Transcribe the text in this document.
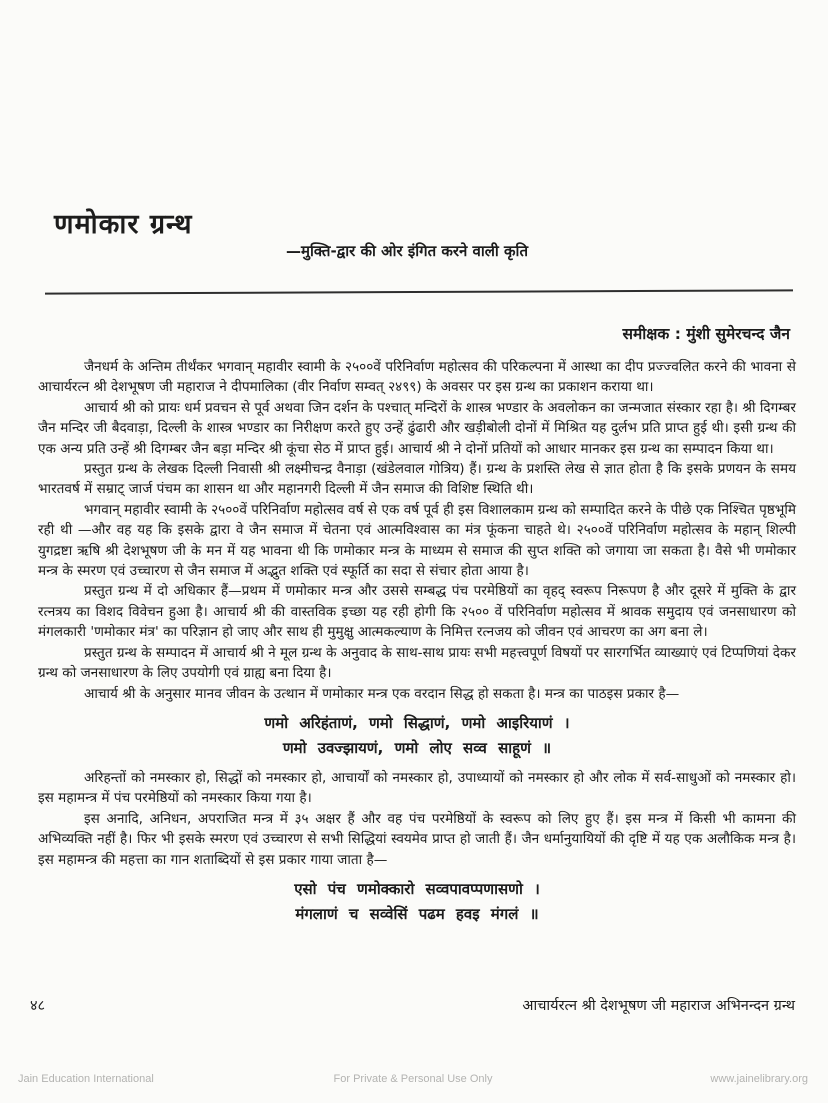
णमोकार ग्रन्थ
—मुक्ति-द्वार की ओर इंगित करने वाली कृति
समीक्षक : मुंशी सुमेरचन्द जैन

जैनधर्म के अन्तिम तीर्थंकर भगवान् महावीर स्वामी के २५००वें परिनिर्वाण महोत्सव की परिकल्पना में आस्था का दीप प्रज्ज्वलित करने की भावना से आचार्यरत्न श्री देशभूषण जी महाराज ने दीपमालिका (वीर निर्वाण सम्वत् २४९९) के अवसर पर इस ग्रन्थ का प्रकाशन कराया था।

आचार्य श्री को प्रायः धर्म प्रवचन से पूर्व अथवा जिन दर्शन के पश्चात् मन्दिरों के शास्त्र भण्डार के अवलोकन का जन्मजात संस्कार रहा है। श्री दिगम्बर जैन मन्दिर जी बैदवाड़ा, दिल्ली के शास्त्र भण्डार का निरीक्षण करते हुए उन्हें ढुंढारी और खड़ीबोली दोनों में मिश्रित यह दुर्लभ प्रति प्राप्त हुई थी। इसी ग्रन्थ की एक अन्य प्रति उन्हें श्री दिगम्बर जैन बड़ा मन्दिर श्री कूंचा सेठ में प्राप्त हुई। आचार्य श्री ने दोनों प्रतियों को आधार मानकर इस ग्रन्थ का सम्पादन किया था।

प्रस्तुत ग्रन्थ के लेखक दिल्ली निवासी श्री लक्ष्मीचन्द्र वैनाड़ा (खंडेलवाल गोत्रिय) हैं। ग्रन्थ के प्रशस्ति लेख से ज्ञात होता है कि इसके प्रणयन के समय भारतवर्ष में सम्राट् जार्ज पंचम का शासन था और महानगरी दिल्ली में जैन समाज की विशिष्ट स्थिति थी।

भगवान् महावीर स्वामी के २५००वें परिनिर्वाण महोत्सव वर्ष से एक वर्ष पूर्व ही इस विशालकाम ग्रन्थ को सम्पादित करने के पीछे एक निश्चित पृष्ठभूमि रही थी —और वह यह कि इसके द्वारा वे जैन समाज में चेतना एवं आत्मविश्वास का मंत्र फूंकना चाहते थे। २५००वें परिनिर्वाण महोत्सव के महान् शिल्पी युगद्रष्टा ऋषि श्री देशभूषण जी के मन में यह भावना थी कि णमोकार मन्त्र के माध्यम से समाज की सुप्त शक्ति को जगाया जा सकता है। वैसे भी णमोकार मन्त्र के स्मरण एवं उच्चारण से जैन समाज में अद्भुत शक्ति एवं स्फूर्ति का सदा से संचार होता आया है।

प्रस्तुत ग्रन्थ में दो अधिकार हैं—प्रथम में णमोकार मन्त्र और उससे सम्बद्ध पंच परमेष्ठियों का वृहद् स्वरूप निरूपण है और दूसरे में मुक्ति के द्वार रत्नत्रय का विशद विवेचन हुआ है। आचार्य श्री की वास्तविक इच्छा यह रही होगी कि २५०० वें परिनिर्वाण महोत्सव में श्रावक समुदाय एवं जनसाधारण को मंगलकारी 'णमोकार मंत्र' का परिज्ञान हो जाए और साथ ही मुमुक्षु आत्मकल्याण के निमित्त रत्नजय को जीवन एवं आचरण का अग बना ले।

प्रस्तुत ग्रन्थ के सम्पादन में आचार्य श्री ने मूल ग्रन्थ के अनुवाद के साथ-साथ प्रायः सभी महत्त्वपूर्ण विषयों पर सारगर्भित व्याख्याएं एवं टिप्पणियां देकर ग्रन्थ को जनसाधारण के लिए उपयोगी एवं ग्राह्य बना दिया है।

आचार्य श्री के अनुसार मानव जीवन के उत्थान में णमोकार मन्त्र एक वरदान सिद्ध हो सकता है। मन्त्र का पाठइस प्रकार है—

णमो अरिहंताणं, णमो सिद्धाणं, णमो आइरियाणं ।
णमो उवज्झायणं, णमो लोए सव्व साहूणं ॥

अरिहन्तों को नमस्कार हो, सिद्धों को नमस्कार हो, आचार्यों को नमस्कार हो, उपाध्यायों को नमस्कार हो और लोक में सर्व-साधुओं को नमस्कार हो। इस महामन्त्र में पंच परमेष्ठियों को नमस्कार किया गया है।

इस अनादि, अनिधन, अपराजित मन्त्र में ३५ अक्षर हैं और वह पंच परमेष्ठियों के स्वरूप को लिए हुए हैं। इस मन्त्र में किसी भी कामना की अभिव्यक्ति नहीं है। फिर भी इसके स्मरण एवं उच्चारण से सभी सिद्धियां स्वयमेव प्राप्त हो जाती हैं। जैन धर्मानुयायियों की दृष्टि में यह एक अलौकिक मन्त्र है। इस महामन्त्र की महत्ता का गान शताब्दियों से इस प्रकार गाया जाता है—

एसो पंच णमोक्कारो सव्वपावप्पणासणो ।
मंगलाणं च सव्वेसिं पढम हवइ मंगलं ॥
४८	आचार्यरत्न श्री देशभूषण जी महाराज अभिनन्दन ग्रन्थ
Jain Education International	For Private & Personal Use Only	www.jainelibrary.org
